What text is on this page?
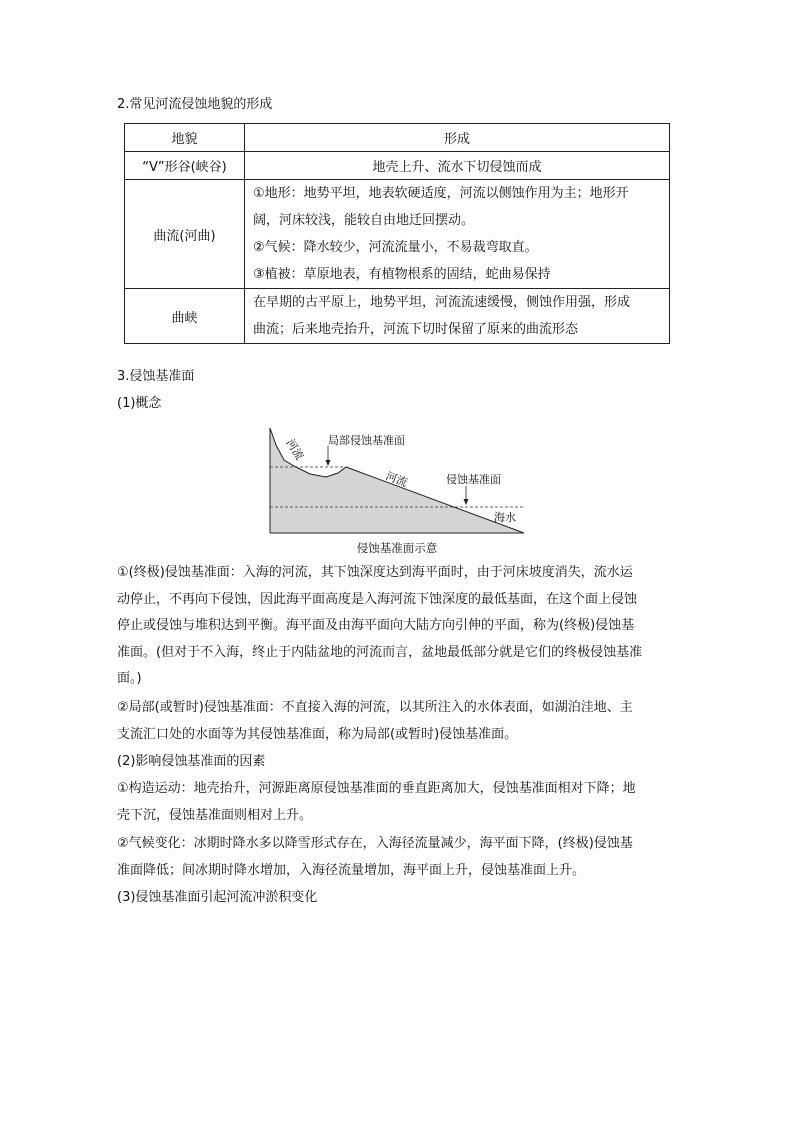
2.常见河流侵蚀地貌的形成
地貌	形成
“V”形谷(峡谷)	地壳上升、流水下切侵蚀而成
曲流(河曲)	①地形：地势平坦，地表软硬适度，河流以侧蚀作用为主；地形开
阔，河床较浅，能较自由地迁回摆动。
②气候：降水较少，河流流量小，不易裁弯取直。
③植被：草原地表，有植物根系的固结，蛇曲易保持

曲峡	在早期的古平原上，地势平坦，河流流速缓慢，侧蚀作用强，形成
曲流；后来地壳抬升，河流下切时保留了原来的曲流形态
3.侵蚀基准面
(1)概念
河流 局部侵蚀基准面
河流	侵蚀基准面
海水
侵蚀基准面示意
①(终极)侵蚀基准面：入海的河流，其下蚀深度达到海平面时，由于河床坡度消失，流水运
动停止，不再向下侵蚀，因此海平面高度是入海河流下蚀深度的最低基面，在这个面上侵蚀
停止或侵蚀与堆积达到平衡。海平面及由海平面向大陆方向引伸的平面，称为(终极)侵蚀基
准面。(但对于不入海，终止于内陆盆地的河流而言，盆地最低部分就是它们的终极侵蚀基准
面。)
②局部(或暂时)侵蚀基准面：不直接入海的河流，以其所注入的水体表面，如湖泊洼地、主
支流汇口处的水面等为其侵蚀基准面，称为局部(或暂时)侵蚀基准面。
(2)影响侵蚀基准面的因素
①构造运动：地壳抬升，河源距离原侵蚀基准面的垂直距离加大，侵蚀基准面相对下降；地
壳下沉，侵蚀基准面则相对上升。
②气候变化：冰期时降水多以降雪形式存在，入海径流量减少，海平面下降，(终极)侵蚀基
准面降低；间冰期时降水增加，入海径流量增加，海平面上升，侵蚀基准面上升。
(3)侵蚀基准面引起河流冲淤积变化
